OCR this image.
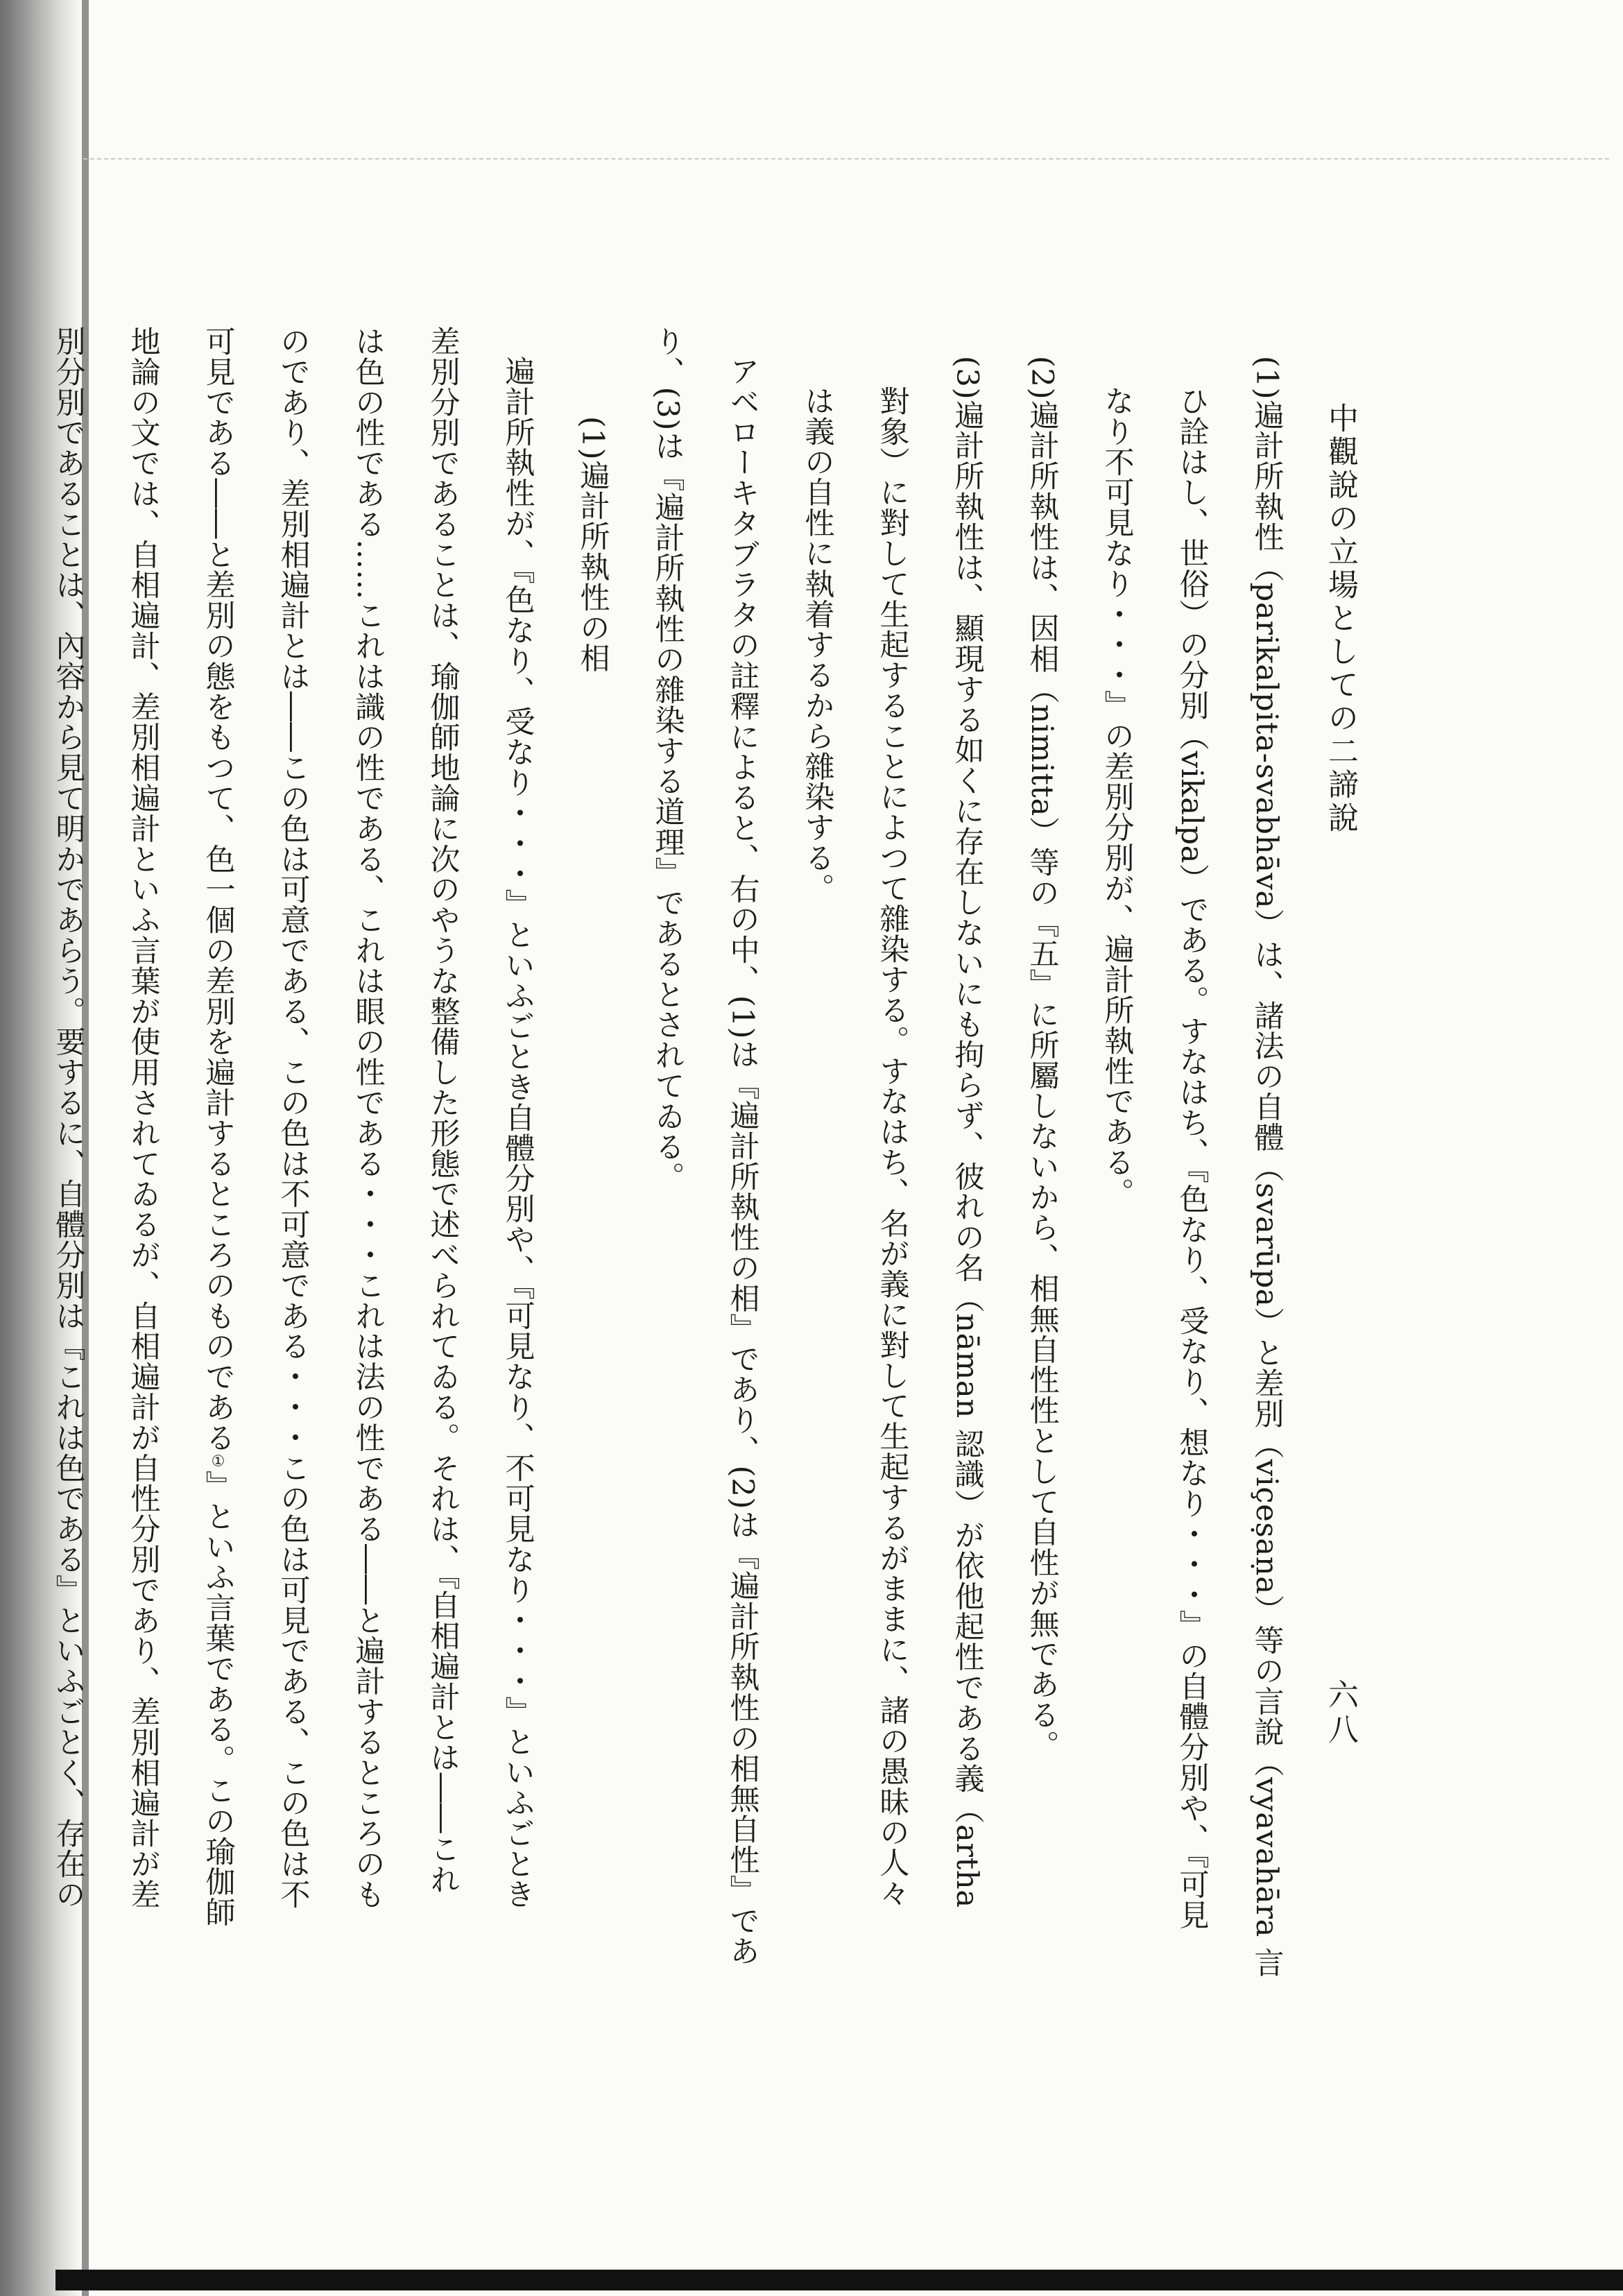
中觀說の立場としての二諦說
六八
(1)遍計所執性（parikalpita-svabhāva）は、諸法の自體（svarūpa）と差別（viçeṣaṇa）等の言說（vyavahāra 言
ひ詮はし、世俗）の分別（vikalpa）である。すなはち、『色なり、受なり、想なり・・・』の自體分別や、『可見
なり不可見なり・・・』の差別分別が、遍計所執性である。
(2)遍計所執性は、因相（nimitta）等の『五』に所屬しないから、相無自性性として自性が無である。
(3)遍計所執性は、顯現する如くに存在しないにも拘らず、彼れの名（nāman 認識）が依他起性である義（artha
對象）に對して生起することによつて雜染する。すなはち、名が義に對して生起するがままに、諸の愚昧の人々
は義の自性に執着するから雜染する。
アベローキタブラタの註釋によると、右の中、(1)は『遍計所執性の相』であり、(2)は『遍計所執性の相無自性』であ
り、(3)は『遍計所執性の雜染する道理』であるとされてゐる。
(1)遍計所執性の相
遍計所執性が、『色なり、受なり・・・』といふごとき自體分別や、『可見なり、不可見なり・・・』といふごとき
差別分別であることは、瑜伽師地論に次のやうな整備した形態で述べられてゐる。それは、『自相遍計とは――これ
は色の性である……これは識の性である、これは眼の性である・・・これは法の性である――と遍計するところのも
のであり、差別相遍計とは――この色は可意である、この色は不可意である・・・この色は可見である、この色は不
可見である――と差別の態をもつて、色一個の差別を遍計するところのものである①』といふ言葉である。この瑜伽師
地論の文では、自相遍計、差別相遍計といふ言葉が使用されてゐるが、自相遍計が自性分別であり、差別相遍計が差
別分別であることは、內容から見て明かであらう。要するに、自體分別は『これは色である』といふごとく、存在の
